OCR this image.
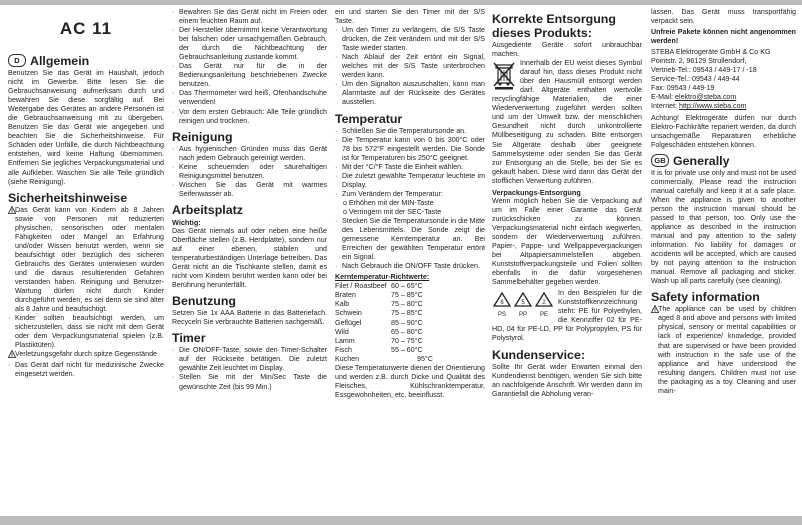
AC 11
D Allgemein

Benutzen Sie das Gerät im Haushalt, jedoch nicht im Gewerbe. Bitte lesen Sie die Gebrauchsanweisung aufmerksam durch und bewahren Sie diese sorgfältig auf. Bei Weitergabe des Gerätes an andere Personen ist die Gebrauchsanweisung mit zu übergeben. Benutzen Sie das Gerät wie angegeben und beachten Sie die Sicherheitshinweise. Für Schäden oder Unfälle, die durch Nichtbeachtung entstehen, wird keine Haftung übernommen. Entfernen Sie jegliches Verpackungsmaterial und alle Aufkleber. Waschen Sie alle Teile gründlich (siehe Reinigung).

Sicherheitshinweise
Das Gerät kann von Kindern ab 8 Jahren sowie von Personen mit reduzierten physischen, sensorischen oder mentalen Fähigkeiten oder Mangel an Erfahrung und/oder Wissen benutzt werden, wenn sie beaufsichtigt oder bezüglich des sicheren Gebrauchs des Gerätes unterwiesen wurden und die daraus resultierenden Gefahren verstanden haben. Reinigung und Benutzer-Wartung dürfen nicht durch Kinder durchgeführt werden, es sei denn sie sind älter als 8 Jahre und beaufsichtigt.
· Kinder sollten beaufsichtigt werden, um sicherzustellen, dass sie nicht mit dem Gerät oder dem Verpackungsmaterial spielen (z.B. Plastiktüten).
Verletzungsgefahr durch spitze Gegenstände
· Das Gerät darf nicht für medizinische Zwecke eingesetzt werden.
· Bewahren Sie das Gerät nicht im Freien oder einem feuchten Raum auf.
· Der Hersteller übernimmt keine Verantwortung bei falschen oder unsachgemäßen Gebrauch, der durch die Nichtbeachtung der Gebrauchsanleitung zustande kommt.
· Das Gerät nur für die in der Bedienungsanleitung beschriebenen Zwecke benutzen.
· Das Thermometer wird heiß, Ofenhandschuhe verwenden!
· Vor dem ersten Gebrauch: Alle Teile gründlich reinigen und trocknen.
Reinigung
· Aus hygienischen Gründen muss das Gerät nach jedem Gebrauch gereinigt werden.
· Keine scheuernden oder säurehaltigen Reinigungsmittel benutzen.
· Wischen Sie das Gerät mit warmes Seifenwasser ab.
Arbeitsplatz
Wichtig:

Das Gerät niemals auf oder neben eine heiße Oberfläche stellen (z.B. Herdplatte), sondern nur auf einer ebenen, stabilen und temperaturbeständigen Unterlage betreiben. Das Gerät nicht an die Tischkante stellen, damit es nicht vom Kindern berührt werden kann oder bei Berührung herunterfällt.

Benutzung

Setzen Sie 1x AAA Batterie in das Batteriefach. Recyceln Sie verbrauchte Batterien sachgemäß.

Timer
· Die ON/OFF-Taste, sowie den Timer-Schalter auf der Rückseite betätigen. Die zuletzt gewählte Zeit leuchtet im Display.
· Stellen Sie mit der Min/Sec Taste die gewünschte Zeit (bis 99 Min.)

ein und starten Sie den Timer mit der S/S Taste.

· Um den Timer zu verlängern, die S/S Taste drücken, die Zeit verändern und mit der S/S Taste wieder starten.
· Nach Ablauf der Zeit ertönt ein Signal, welches mit der S/S Taste unterbrochen werden kann.
· Um den Signalton auszuschalten, kann man Alarmtaste auf der Rückseite des Gerätes ausstellen.
Temperatur
· Schließen Sie die Temperatursonde an.
· Die Temperatur kann von 0 bis 300°C oder 78 bis 572°F eingestellt werden. Die Sonde ist für Temperaturen bis 250°C geeignet.
· Mit der °C/°F Taste die Einheit wählen.
· Die zuletzt gewählte Temperatur leuchtete im Display.
· Zum Verändern der Temperatur:
o Erhöhen mit der MIN-Taste
o Verringern mit der SEC-Taste
· Stecken Sie die Temperatursonde in die Mitte des Lebensmittels. Die Sonde zeigt die gemessene Kerntemperatur an. Bei Erreichen der gewählten Temperatur ertönt ein Signal.
· Nach Gebrauch die ON/OFF Taste drücken.
Kerntemperatur-Richtwerte:
Filet / Roastbeef 60 – 65°C
Braten	75 – 85°C
Kalb	75 – 80°C
Schwein	75 – 85°C
Geflügel	85 – 90°C
Wild	65 – 80°C
Lamm	70 – 75°C
Fisch	55 – 60°C
Kuchen	95°C

Diese Temperaturwerte dienen der Orientierung und werden z.B. durch Dicke und Qualität des Fleisches, Kühlschranktemperatur, Essgewohnheiten, etc. beeinflusst.

Korrekte Entsorgung dieses Produkts:

Ausgediente Geräte sofort unbrauchbar machen.

Innerhalb der EU weist dieses Symbol darauf hin, dass dieses Produkt nicht über den Hausmüll entsorgt werden darf. Altgeräte enthalten wertvolle recyclingfähige Materialien, die einer Wiederverwertung zugeführt werden sollten und um der Umwelt bzw. der menschlichen Gesundheit nicht durch unkontrollierte Müllbeseitigung zu schaden. Bitte entsorgen Sie Altgeräte deshalb über geeignete Sammelsysteme oder senden Sie das Gerät zur Entsorgung an die Stelle, bei der Sie es gekauft haben. Diese wird dann das Gerät der stofflichen Verwertung zuführen.

Verpackungs-Entsorgung

Wenn möglich heben Sie die Verpackung auf um im Falle einer Garantie das Gerät zurückschicken zu können. Verpackungsmaterial nicht einfach wegwerfen, sondern der Wiederverwertung zuführen. Papier-, Pappe- und Wellpappeverpackungen bei Altpapiersammelstellen abgeben. Kunststoffverpackungsteile und Folien sollten ebenfalls in die dafür vorgesehenen Sammelbehälter gegeben werden.

6	5	2
PS PP PE

In den Beispielen für die Kunststoffkennzeichnung steht: PE für Polyethylen, die Kennziffer 02 für PE-HD, 04 für PE-LD, PP für Polypropylen, PS für Polystyrol.

Kundenservice:

Sollte Ihr Gerät wider Erwarten einmal den Kundendienst benötigen, wenden Sie sich bitte an nachfolgende Anschrift. Wir werden dann im Garantiefall die Abholung veran-

lassen. Das Gerät muss transportfähig verpackt sein.

Unfreie Pakete können nicht angenommen werden!

STEBA Elektrogeräte GmbH & Co KG
Pointstr. 2, 96129 Strullendorf,
Vertrieb-Tel.: 09543 / 449-17 / -18
Service-Tel.: 09543 / 449-44
Fax: 09543 / 449-19
E-Mail: elektro@steba.com
Internet: http://www.steba.com

Achtung! Elektrogeräte dürfen nur durch Elektro-Fachkräfte repariert werden, da durch unsachgemäße Reparaturen erhebliche Folgeschäden entstehen können.

GB Generally

It is for private use only and must not be used commercially. Please read the instruction manual carefully and keep it at a safe place. When the appliance is given to another person the instruction manual should be passed to that person, too. Only use the appliance as described in the instruction manual and pay attention to the safety information. No liability for damages or accidents will be accepted, which are caused by not paying attention to the instruction manual. Remove all packaging and sticker. Wash up all parts carefully (see cleaning).

Safety information
The appliance can be used by children aged 8 and above and persons with limited physical, sensory or mental capabilities or lack of experience/ knowledge, provided that are supervised or have been provided with instruction in the safe use of the appliance and have understood the resulting dangers. Children must not use the packaging as a toy. Cleaning and user main-
